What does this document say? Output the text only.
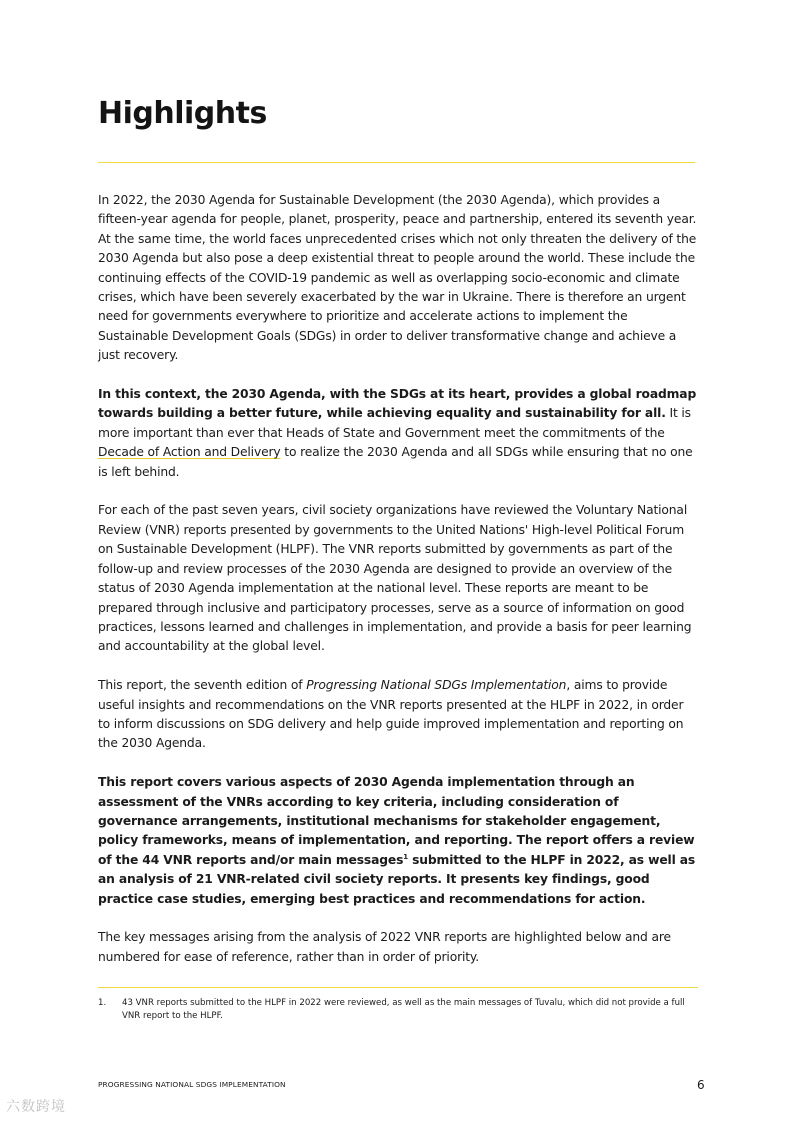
Highlights

In 2022, the 2030 Agenda for Sustainable Development (the 2030 Agenda), which provides a fifteen-year agenda for people, planet, prosperity, peace and partnership, entered its seventh year. At the same time, the world faces unprecedented crises which not only threaten the delivery of the 2030 Agenda but also pose a deep existential threat to people around the world. These include the continuing effects of the COVID-19 pandemic as well as overlapping socio-economic and climate crises, which have been severely exacerbated by the war in Ukraine. There is therefore an urgent need for governments everywhere to prioritize and accelerate actions to implement the Sustainable Development Goals (SDGs) in order to deliver transformative change and achieve a just recovery.

In this context, the 2030 Agenda, with the SDGs at its heart, provides a global roadmap towards building a better future, while achieving equality and sustainability for all. It is more important than ever that Heads of State and Government meet the commitments of the Decade of Action and Delivery to realize the 2030 Agenda and all SDGs while ensuring that no one is left behind.

For each of the past seven years, civil society organizations have reviewed the Voluntary National Review (VNR) reports presented by governments to the United Nations' High-level Political Forum on Sustainable Development (HLPF). The VNR reports submitted by governments as part of the follow-up and review processes of the 2030 Agenda are designed to provide an overview of the status of 2030 Agenda implementation at the national level. These reports are meant to be prepared through inclusive and participatory processes, serve as a source of information on good practices, lessons learned and challenges in implementation, and provide a basis for peer learning and accountability at the global level.

This report, the seventh edition of Progressing National SDGs Implementation, aims to provide useful insights and recommendations on the VNR reports presented at the HLPF in 2022, in order to inform discussions on SDG delivery and help guide improved implementation and reporting on the 2030 Agenda.

This report covers various aspects of 2030 Agenda implementation through an assessment of the VNRs according to key criteria, including consideration of governance arrangements, institutional mechanisms for stakeholder engagement, policy frameworks, means of implementation, and reporting. The report offers a review of the 44 VNR reports and/or main messages$^1$ submitted to the HLPF in 2022, as well as an analysis of 21 VNR-related civil society reports. It presents key findings, good practice case studies, emerging best practices and recommendations for action.

The key messages arising from the analysis of 2022 VNR reports are highlighted below and are numbered for ease of reference, rather than in order of priority.

1.	43 VNR reports submitted to the HLPF in 2022 were reviewed, as well as the main messages of Tuvalu, which did not provide a full VNR report to the HLPF.
PROGRESSING NATIONAL SDGS IMPLEMENTATION	6
六数跨境
